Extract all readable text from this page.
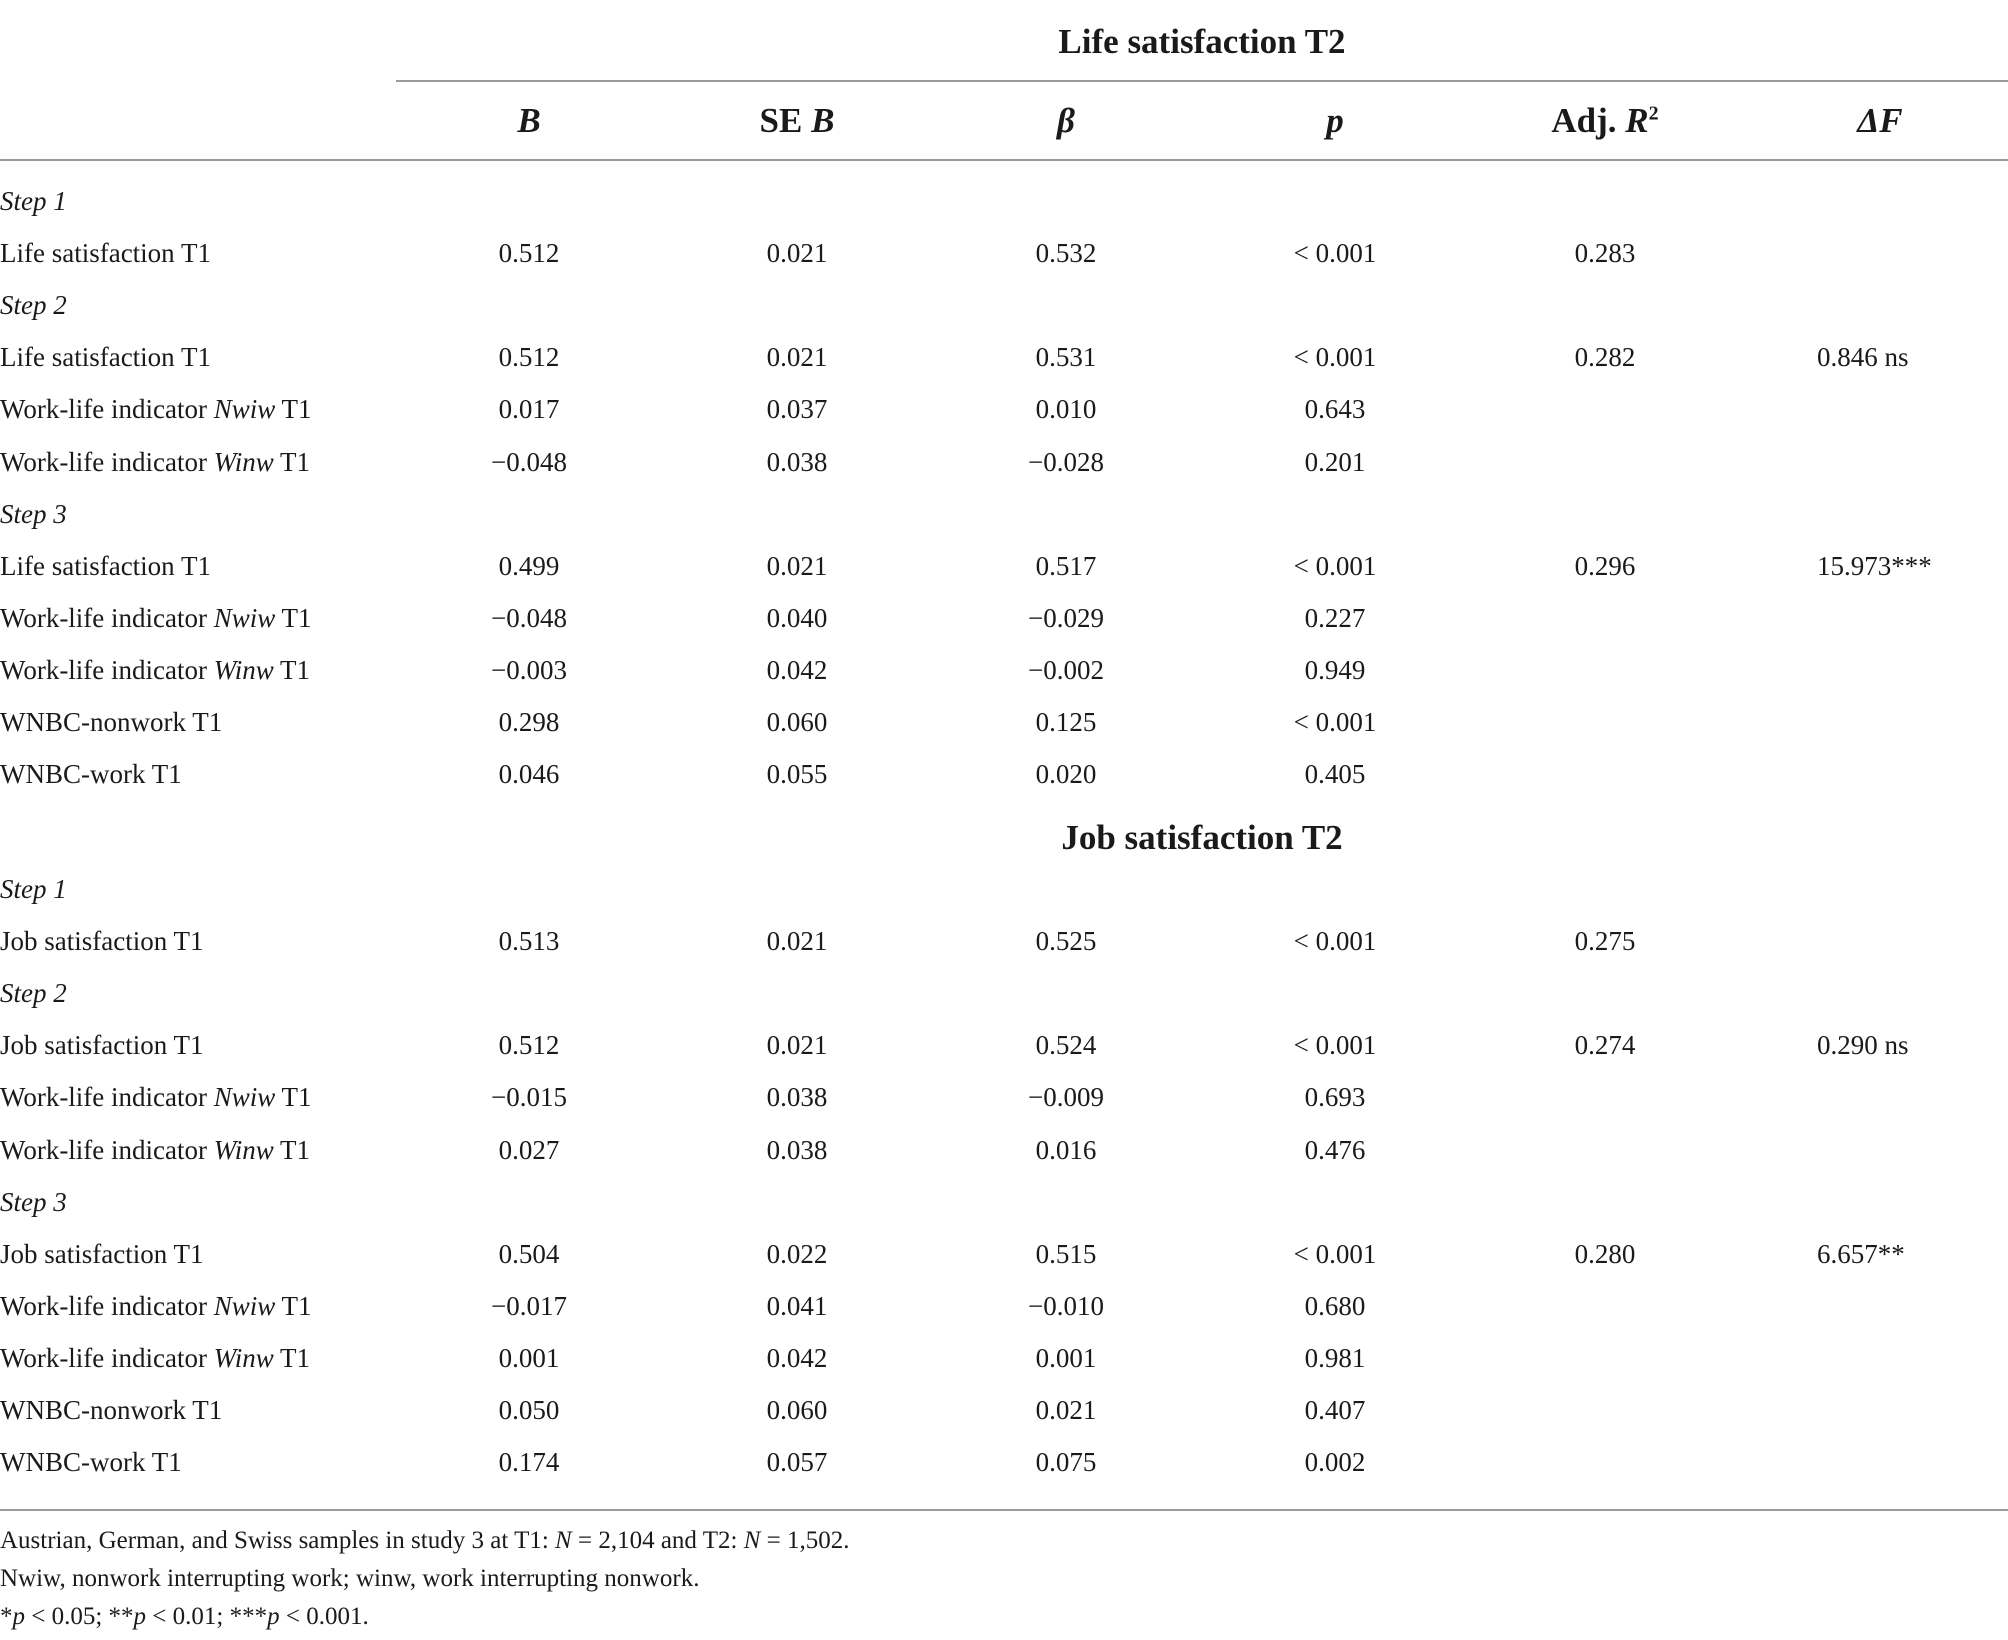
Life satisfaction T2
B	SE B	β	p	Adj. $R^2$	ΔF
Step 1
Life satisfaction T1	0.512	0.021	0.532	< 0.001	0.283
Step 2
Life satisfaction T1	0.512	0.021	0.531	< 0.001	0.282	0.846 ns
Work-life indicator Nwiw T1	0.017	0.037	0.010	0.643
Work-life indicator Winw T1	−0.048	0.038	−0.028	0.201
Step 3
Life satisfaction T1	0.499	0.021	0.517	< 0.001	0.296	15.973***
Work-life indicator Nwiw T1	−0.048	0.040	−0.029	0.227
Work-life indicator Winw T1	−0.003	0.042	−0.002	0.949
WNBC-nonwork T1	0.298	0.060	0.125	< 0.001
WNBC-work T1	0.046	0.055	0.020	0.405
Job satisfaction T2
Step 1
Job satisfaction T1	0.513	0.021	0.525	< 0.001	0.275
Step 2
Job satisfaction T1	0.512	0.021	0.524	< 0.001	0.274	0.290 ns
Work-life indicator Nwiw T1	−0.015	0.038	−0.009	0.693
Work-life indicator Winw T1	0.027	0.038	0.016	0.476
Step 3
Job satisfaction T1	0.504	0.022	0.515	< 0.001	0.280	6.657**
Work-life indicator Nwiw T1	−0.017	0.041	−0.010	0.680
Work-life indicator Winw T1	0.001	0.042	0.001	0.981
WNBC-nonwork T1	0.050	0.060	0.021	0.407
WNBC-work T1	0.174	0.057	0.075	0.002
Austrian, German, and Swiss samples in study 3 at T1: N = 2,104 and T2: N = 1,502.
Nwiw, nonwork interrupting work; winw, work interrupting nonwork.
*p < 0.05; **p < 0.01; ***p < 0.001.
